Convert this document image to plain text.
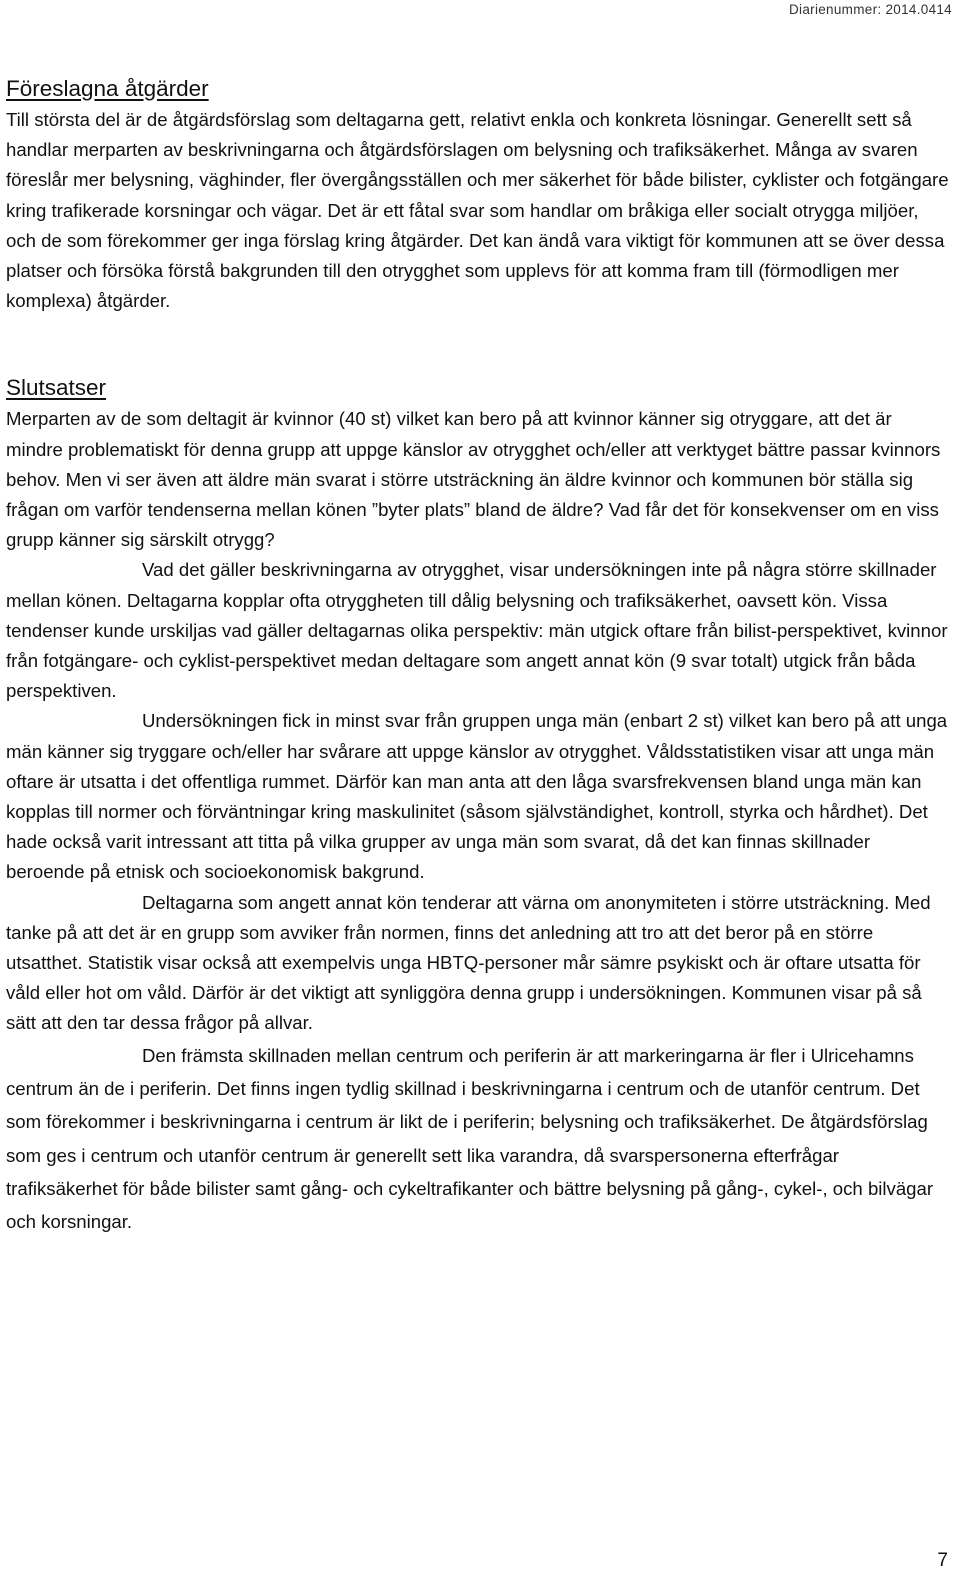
Diarienummer: 2014.0414
Föreslagna åtgärder

Till största del är de åtgärdsförslag som deltagarna gett, relativt enkla och konkreta lösningar. Generellt sett så handlar merparten av beskrivningarna och åtgärdsförslagen om belysning och trafiksäkerhet. Många av svaren föreslår mer belysning, väghinder, fler övergångsställen och mer säkerhet för både bilister, cyklister och fotgängare kring trafikerade korsningar och vägar. Det är ett fåtal svar som handlar om bråkiga eller socialt otrygga miljöer, och de som förekommer ger inga förslag kring åtgärder. Det kan ändå vara viktigt för kommunen att se över dessa platser och försöka förstå bakgrunden till den otrygghet som upplevs för att komma fram till (förmodligen mer komplexa) åtgärder.

Slutsatser

Merparten av de som deltagit är kvinnor (40 st) vilket kan bero på att kvinnor känner sig otryggare, att det är mindre problematiskt för denna grupp att uppge känslor av otrygghet och/eller att verktyget bättre passar kvinnors behov. Men vi ser även att äldre män svarat i större utsträckning än äldre kvinnor och kommunen bör ställa sig frågan om varför tendenserna mellan könen ”byter plats” bland de äldre? Vad får det för konsekvenser om en viss grupp känner sig särskilt otrygg?

Vad det gäller beskrivningarna av otrygghet, visar undersökningen inte på några större skillnader mellan könen. Deltagarna kopplar ofta otryggheten till dålig belysning och trafiksäkerhet, oavsett kön. Vissa tendenser kunde urskiljas vad gäller deltagarnas olika perspektiv: män utgick oftare från bilist-perspektivet, kvinnor från fotgängare- och cyklist-perspektivet medan deltagare som angett annat kön (9 svar totalt) utgick från båda perspektiven.

Undersökningen fick in minst svar från gruppen unga män (enbart 2 st) vilket kan bero på att unga män känner sig tryggare och/eller har svårare att uppge känslor av otrygghet. Våldsstatistiken visar att unga män oftare är utsatta i det offentliga rummet. Därför kan man anta att den låga svarsfrekvensen bland unga män kan kopplas till normer och förväntningar kring maskulinitet (såsom självständighet, kontroll, styrka och hårdhet). Det hade också varit intressant att titta på vilka grupper av unga män som svarat, då det kan finnas skillnader beroende på etnisk och socioekonomisk bakgrund.

Deltagarna som angett annat kön tenderar att värna om anonymiteten i större utsträckning. Med tanke på att det är en grupp som avviker från normen, finns det anledning att tro att det beror på en större utsatthet. Statistik visar också att exempelvis unga HBTQ-personer mår sämre psykiskt och är oftare utsatta för våld eller hot om våld. Därför är det viktigt att synliggöra denna grupp i undersökningen. Kommunen visar på så sätt att den tar dessa frågor på allvar.

Den främsta skillnaden mellan centrum och periferin är att markeringarna är fler i Ulricehamns centrum än de i periferin. Det finns ingen tydlig skillnad i beskrivningarna i centrum och de utanför centrum. Det som förekommer i beskrivningarna i centrum är likt de i periferin; belysning och trafiksäkerhet. De åtgärdsförslag som ges i centrum och utanför centrum är generellt sett lika varandra, då svarspersonerna efterfrågar trafiksäkerhet för både bilister samt gång- och cykeltrafikanter och bättre belysning på gång-, cykel-, och bilvägar och korsningar.

7
